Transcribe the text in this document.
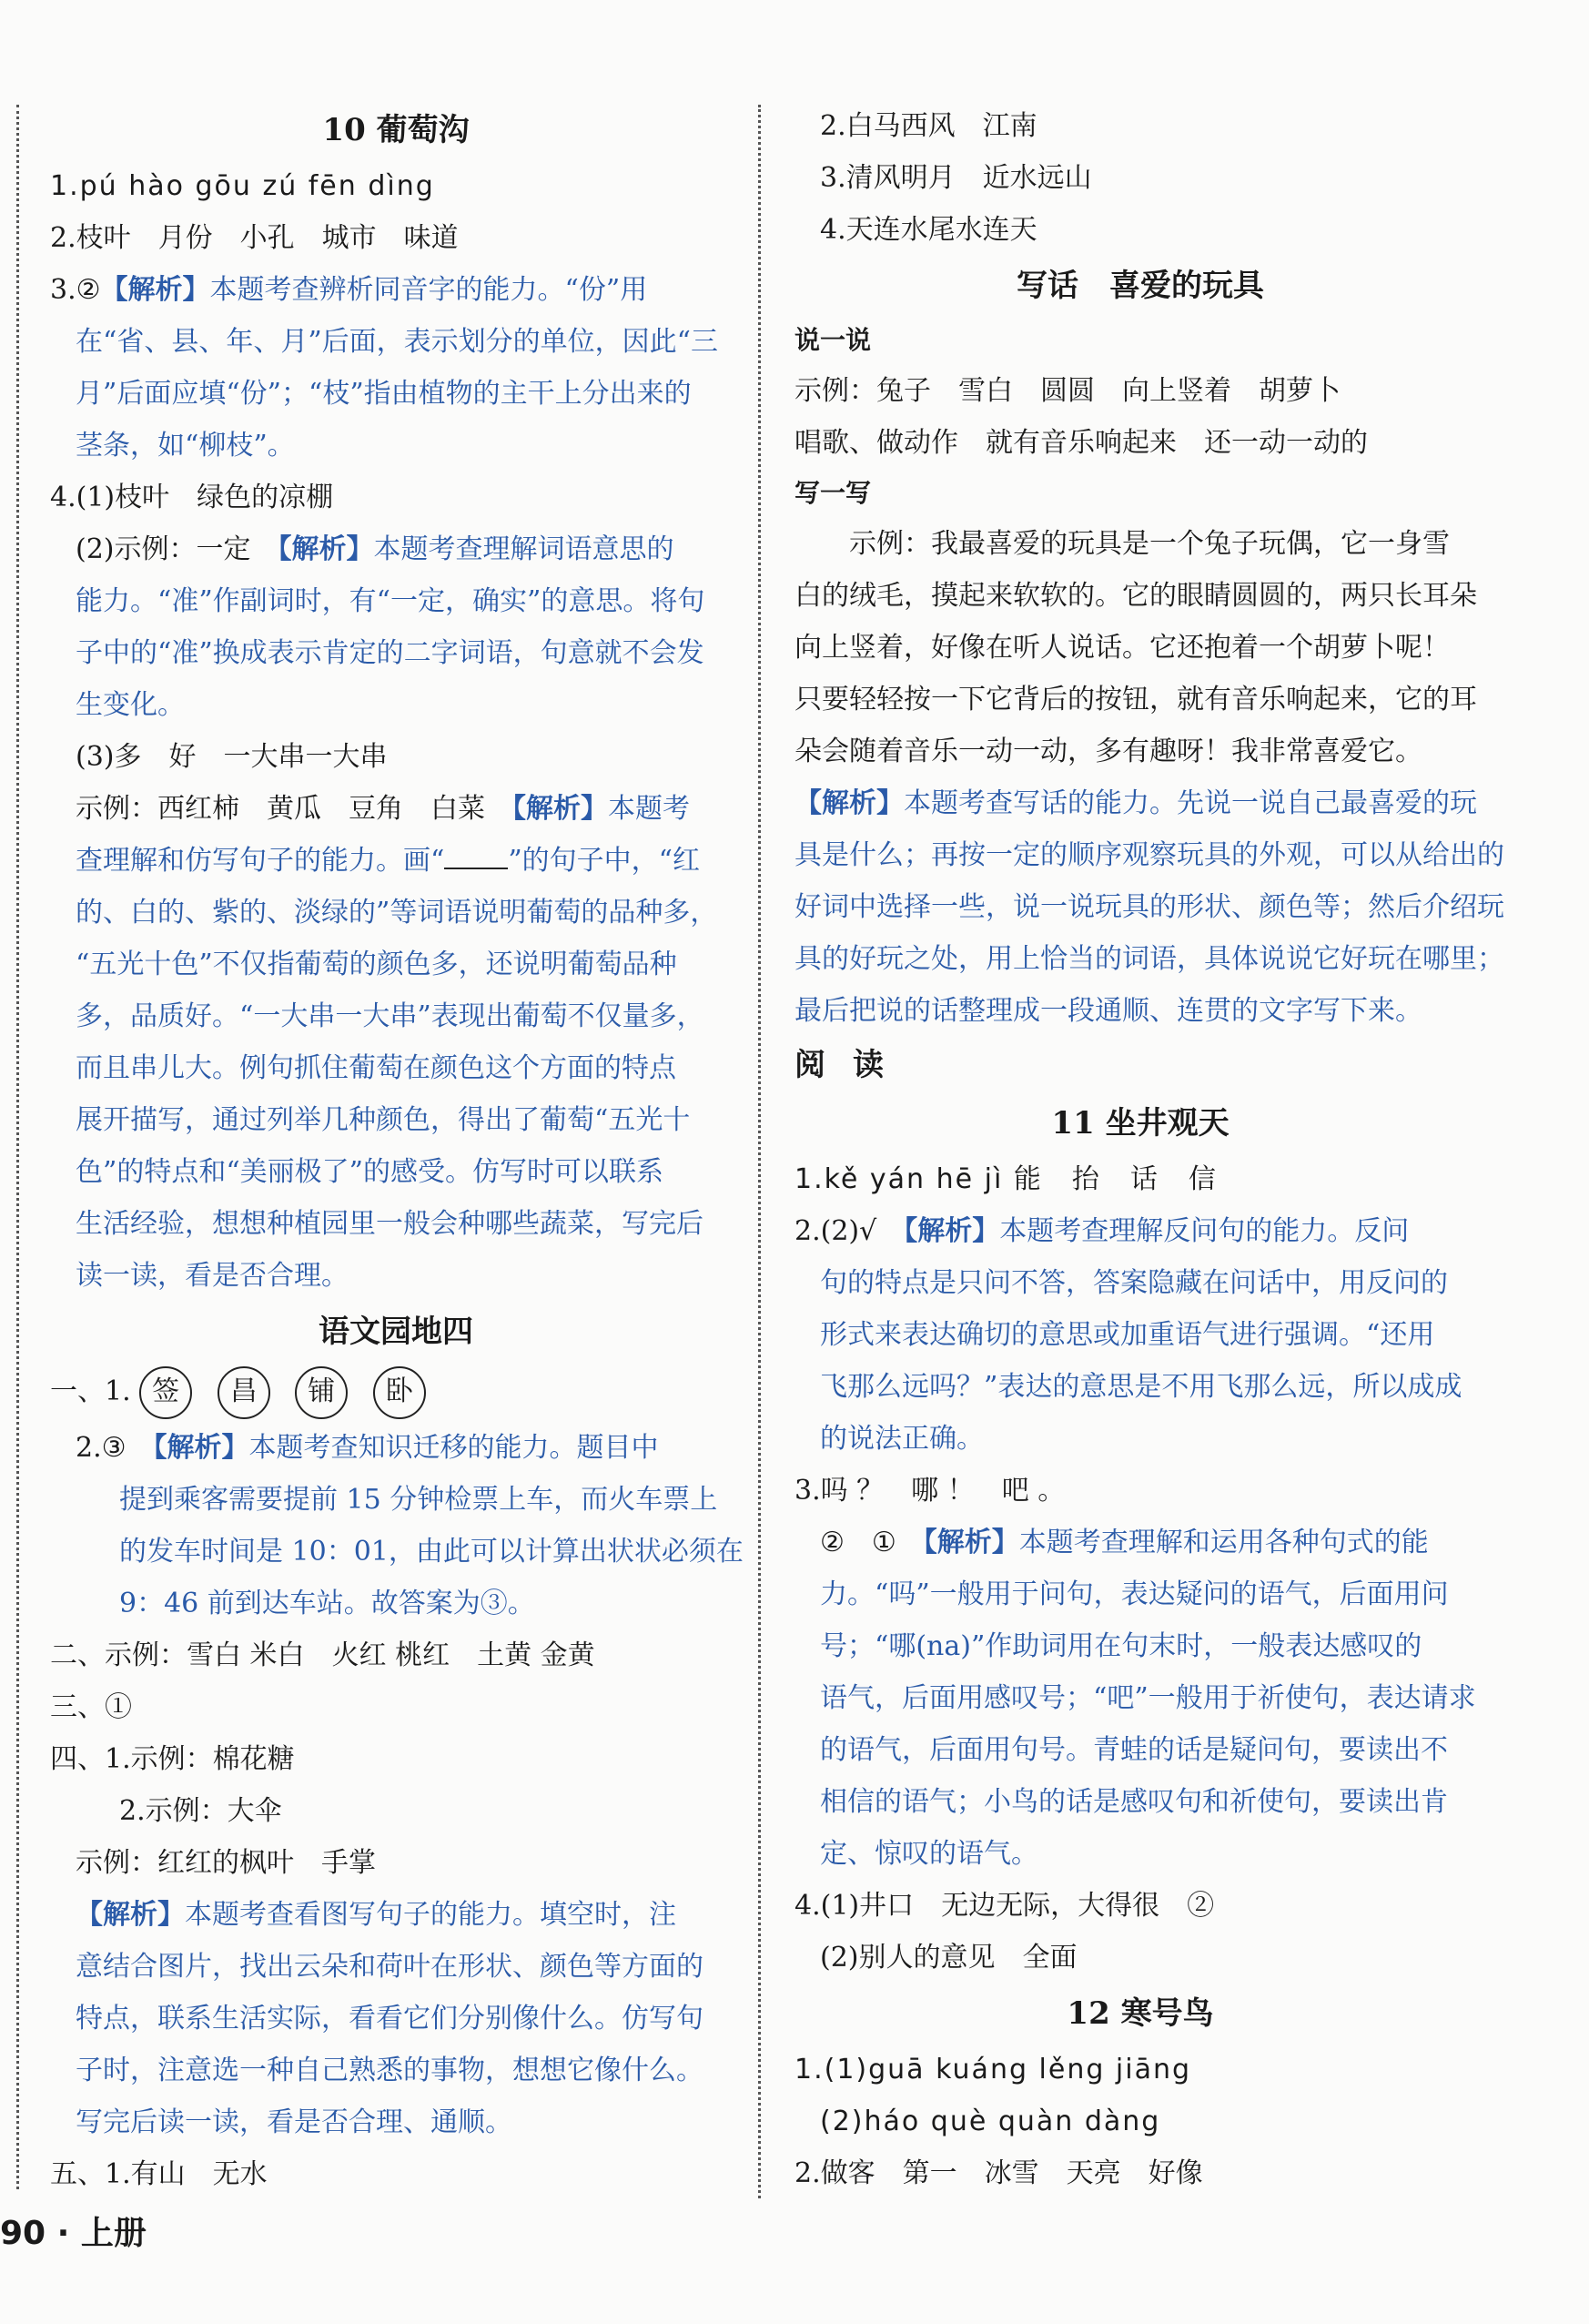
10 葡萄沟
1.pú hào gōu zú fēn dìng
2.枝叶　月份　小孔　城市　味道
3.②【解析】本题考查辨析同音字的能力。“份”用
在“省、县、年、月”后面，表示划分的单位，因此“三
月”后面应填“份”；“枝”指由植物的主干上分出来的
茎条，如“柳枝”。
4.(1)枝叶　绿色的凉棚
(2)示例：一定　 【解析】本题考查理解词语意思的
能力。“准”作副词时，有“一定，确实”的意思。将句
子中的“准”换成表示肯定的二字词语，句意就不会发
生变化。
(3)多　好　一大串一大串
示例：西红柿　黄瓜　豆角　白菜　 【解析】本题考
查理解和仿写句子的能力。画“ ”的句子中，“红
的、白的、紫的、淡绿的”等词语说明葡萄的品种多，
“五光十色”不仅指葡萄的颜色多，还说明葡萄品种
多，品质好。“一大串一大串”表现出葡萄不仅量多，
而且串儿大。例句抓住葡萄在颜色这个方面的特点
展开描写，通过列举几种颜色，得出了葡萄“五光十
色”的特点和“美丽极了”的感受。仿写时可以联系
生活经验，想想种植园里一般会种哪些蔬菜，写完后
读一读，看是否合理。
语文园地四
一、1. 签 昌 铺 卧
2.③　 【解析】本题考查知识迁移的能力。题目中
提到乘客需要提前 15 分钟检票上车，而火车票上
的发车时间是 10：01，由此可以计算出状状必须在
9：46 前到达车站。故答案为③。
二、示例：雪白 米白　火红 桃红　土黄 金黄
三、①
四、1.示例：棉花糖
2.示例：大伞
示例：红红的枫叶　手掌
【解析】本题考查看图写句子的能力。填空时，注
意结合图片，找出云朵和荷叶在形状、颜色等方面的
特点，联系生活实际，看看它们分别像什么。仿写句
子时，注意选一种自己熟悉的事物，想想它像什么。
写完后读一读，看是否合理、通顺。
五、1.有山　无水
2.白马西风　江南
3.清风明月　近水远山
4.天连水尾水连天
写话　喜爱的玩具
说一说
示例：兔子　雪白　圆圆　向上竖着　胡萝卜
唱歌、做动作　就有音乐响起来　还一动一动的
写一写
示例：我最喜爱的玩具是一个兔子玩偶，它一身雪
白的绒毛，摸起来软软的。它的眼睛圆圆的，两只长耳朵
向上竖着，好像在听人说话。它还抱着一个胡萝卜呢！
只要轻轻按一下它背后的按钮，就有音乐响起来，它的耳
朵会随着音乐一动一动，多有趣呀！我非常喜爱它。
【解析】本题考查写话的能力。先说一说自己最喜爱的玩
具是什么；再按一定的顺序观察玩具的外观，可以从给出的
好词中选择一些，说一说玩具的形状、颜色等；然后介绍玩
具的好玩之处，用上恰当的词语，具体说说它好玩在哪里；
最后把说的话整理成一段通顺、连贯的文字写下来。
阅读
11 坐井观天
1.kě yán hē jì 能　抬　话　信
2.(2)√　 【解析】本题考查理解反问句的能力。反问
句的特点是只问不答，答案隐藏在问话中，用反问的
形式来表达确切的意思或加重语气进行强调。“还用
飞那么远吗？”表达的意思是不用飞那么远，所以成成
的说法正确。
3.吗 ？　哪 ！　吧 。
②　①　 【解析】本题考查理解和运用各种句式的能
力。“吗”一般用于问句，表达疑问的语气，后面用问
号；“哪(na)”作助词用在句末时，一般表达感叹的
语气，后面用感叹号；“吧”一般用于祈使句，表达请求
的语气，后面用句号。青蛙的话是疑问句，要读出不
相信的语气；小鸟的话是感叹句和祈使句，要读出肯
定、惊叹的语气。
4.(1)井口　无边无际，大得很　②
(2)别人的意见　全面
12 寒号鸟
1.(1)guā kuáng lěng jiāng
(2)háo què quàn dàng
2.做客　第一　冰雪　天亮　好像
90 · 上册
